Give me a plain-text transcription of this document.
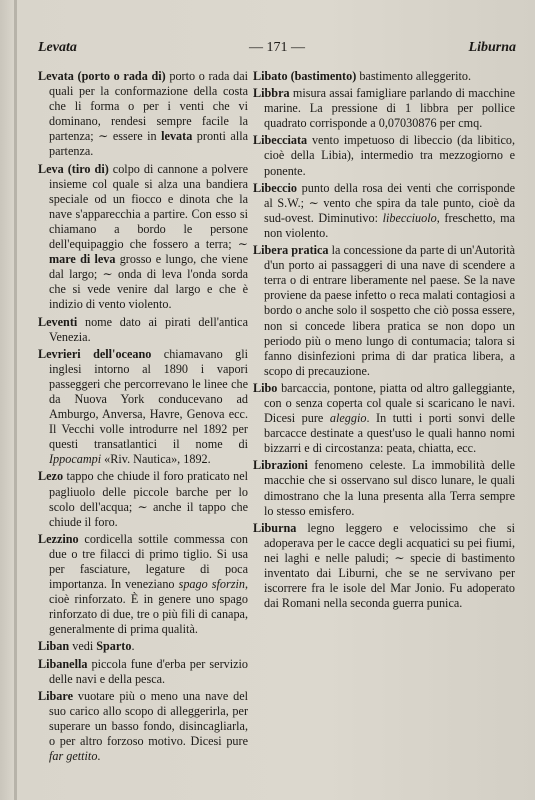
Levata	— 171 —	Liburna

Levata (porto o rada di) porto o rada dai quali per la conformazione della costa che li forma o per i venti che vi dominano, rendesi sempre facile la partenza; ∼ essere in levata pronti alla partenza.

Leva (tiro di) colpo di cannone a polvere insieme col quale si alza una bandiera speciale od un fiocco e dinota che la nave s'apparecchia a partire. Con esso si chiamano a bordo le persone dell'equipaggio che fossero a terra; ∼ mare di leva grosso e lungo, che viene dal largo; ∼ onda di leva l'onda sorda che si vede venire dal largo e che è indizio di vento violento.

Leventi nome dato ai pirati dell'antica Venezia.

Levrieri dell'oceano chiamavano gli inglesi intorno al 1890 i vapori passeggeri che percorrevano le linee che da Nuova York conducevano ad Amburgo, Anversa, Havre, Genova ecc. Il Vecchi volle introdurre nel 1892 per questi transatlantici il nome di Ippocampi «Riv. Nautica», 1892.

Lezo tappo che chiude il foro praticato nel pagliuolo delle piccole barche per lo scolo dell'acqua; ∼ anche il tappo che chiude il foro.

Lezzino cordicella sottile commessa con due o tre filacci di primo tiglio. Si usa per fasciature, legature di poca importanza. In veneziano spago sforzin, cioè rinforzato. È in genere uno spago rinforzato di due, tre o più fili di canapa, generalmente di prima qualità.

Liban vedi Sparto.

Libanella piccola fune d'erba per servizio delle navi e della pesca.

Libare vuotare più o meno una nave del suo carico allo scopo di alleggerirla, per superare un basso fondo, disincagliarla, o per altro forzoso motivo. Dicesi pure far gettito.

Libato (bastimento) bastimento alleggerito.

Libbra misura assai famigliare parlando di macchine marine. La pressione di 1 libbra per pollice quadrato corrisponde a 0,07030876 per cmq.

Libecciata vento impetuoso di libeccio (da libitico, cioè della Libia), intermedio tra mezzogiorno e ponente.

Libeccio punto della rosa dei venti che corrisponde al S.W.; ∼ vento che spira da tale punto, cioè da sud-ovest. Diminutivo: libecciuolo, freschetto, ma non violento.

Libera pratica la concessione da parte di un'Autorità d'un porto ai passaggeri di una nave di scendere a terra o di entrare liberamente nel paese. Se la nave proviene da paese infetto o reca malati contagiosi a bordo o anche solo il sospetto che ciò possa essere, non si concede libera pratica se non dopo un periodo più o meno lungo di contumacia; talora si fanno disinfezioni prima di dar pratica libera, a scopo di precauzione.

Libo barcaccia, pontone, piatta od altro galleggiante, con o senza coperta col quale si scaricano le navi. Dicesi pure aleggio. In tutti i porti sonvi delle barcacce destinate a quest'uso le quali hanno nomi bizzarri e di circostanza: peata, chiatta, ecc.

Librazioni fenomeno celeste. La immobilità delle macchie che si osservano sul disco lunare, le quali dimostrano che la luna presenta alla Terra sempre lo stesso emisfero.

Liburna legno leggero e velocissimo che si adoperava per le cacce degli acquatici su pei fiumi, nei laghi e nelle paludi; ∼ specie di bastimento inventato dai Liburni, che se ne servivano per iscorrere fra le isole del Mar Jonio. Fu adoperato dai Romani nella seconda guerra punica.
